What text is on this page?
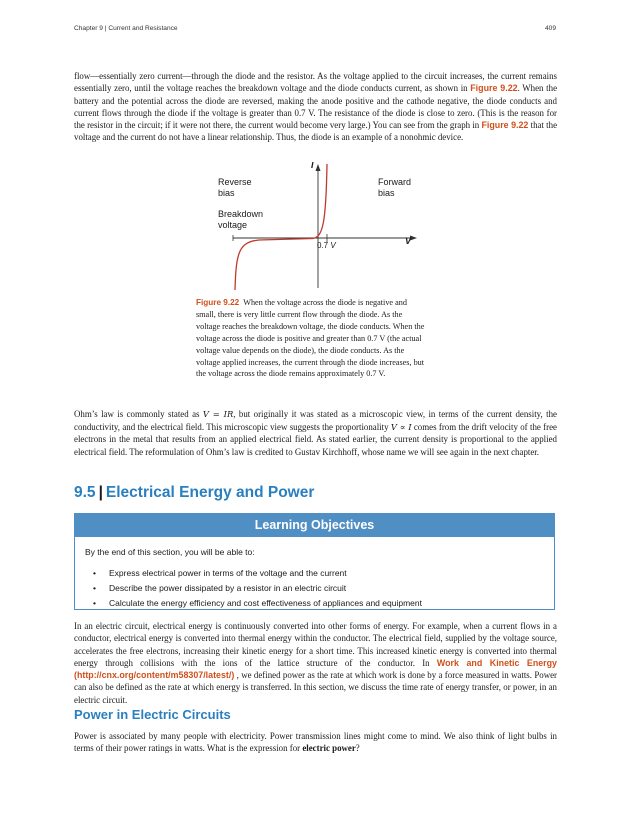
Chapter 9 | Current and Resistance	409

flow—essentially zero current—through the diode and the resistor. As the voltage applied to the circuit increases, the current remains essentially zero, until the voltage reaches the breakdown voltage and the diode conducts current, as shown in Figure 9.22. When the battery and the potential across the diode are reversed, making the anode positive and the cathode negative, the diode conducts and current flows through the diode if the voltage is greater than 0.7 V. The resistance of the diode is close to zero. (This is the reason for the resistor in the circuit; if it were not there, the current would become very large.) You can see from the graph in Figure 9.22 that the voltage and the current do not have a linear relationship. Thus, the diode is an example of a nonohmic device.

Reverse
bias
Forward
bias
Breakdown
voltage
I
V
0.7 V

Figure 9.22 When the voltage across the diode is negative and small, there is very little current flow through the diode. As the voltage reaches the breakdown voltage, the diode conducts. When the voltage across the diode is positive and greater than 0.7 V (the actual voltage value depends on the diode), the diode conducts. As the voltage applied increases, the current through the diode increases, but the voltage across the diode remains approximately 0.7 V.

Ohm’s law is commonly stated as V = IR, but originally it was stated as a microscopic view, in terms of the current density, the conductivity, and the electrical field. This microscopic view suggests the proportionality V ∝ I comes from the drift velocity of the free electrons in the metal that results from an applied electrical field. As stated earlier, the current density is proportional to the applied electrical field. The reformulation of Ohm’s law is credited to Gustav Kirchhoff, whose name we will see again in the next chapter.

9.5 | Electrical Energy and Power
Learning Objectives

By the end of this section, you will be able to:

• Express electrical power in terms of the voltage and the current
• Describe the power dissipated by a resistor in an electric circuit
• Calculate the energy efficiency and cost effectiveness of appliances and equipment

In an electric circuit, electrical energy is continuously converted into other forms of energy. For example, when a current flows in a conductor, electrical energy is converted into thermal energy within the conductor. The electrical field, supplied by the voltage source, accelerates the free electrons, increasing their kinetic energy for a short time. This increased kinetic energy is converted into thermal energy through collisions with the ions of the lattice structure of the conductor. In Work and Kinetic Energy (http://cnx.org/content/m58307/latest/) , we defined power as the rate at which work is done by a force measured in watts. Power can also be defined as the rate at which energy is transferred. In this section, we discuss the time rate of energy transfer, or power, in an electric circuit.

Power in Electric Circuits

Power is associated by many people with electricity. Power transmission lines might come to mind. We also think of light bulbs in terms of their power ratings in watts. What is the expression for electric power?
